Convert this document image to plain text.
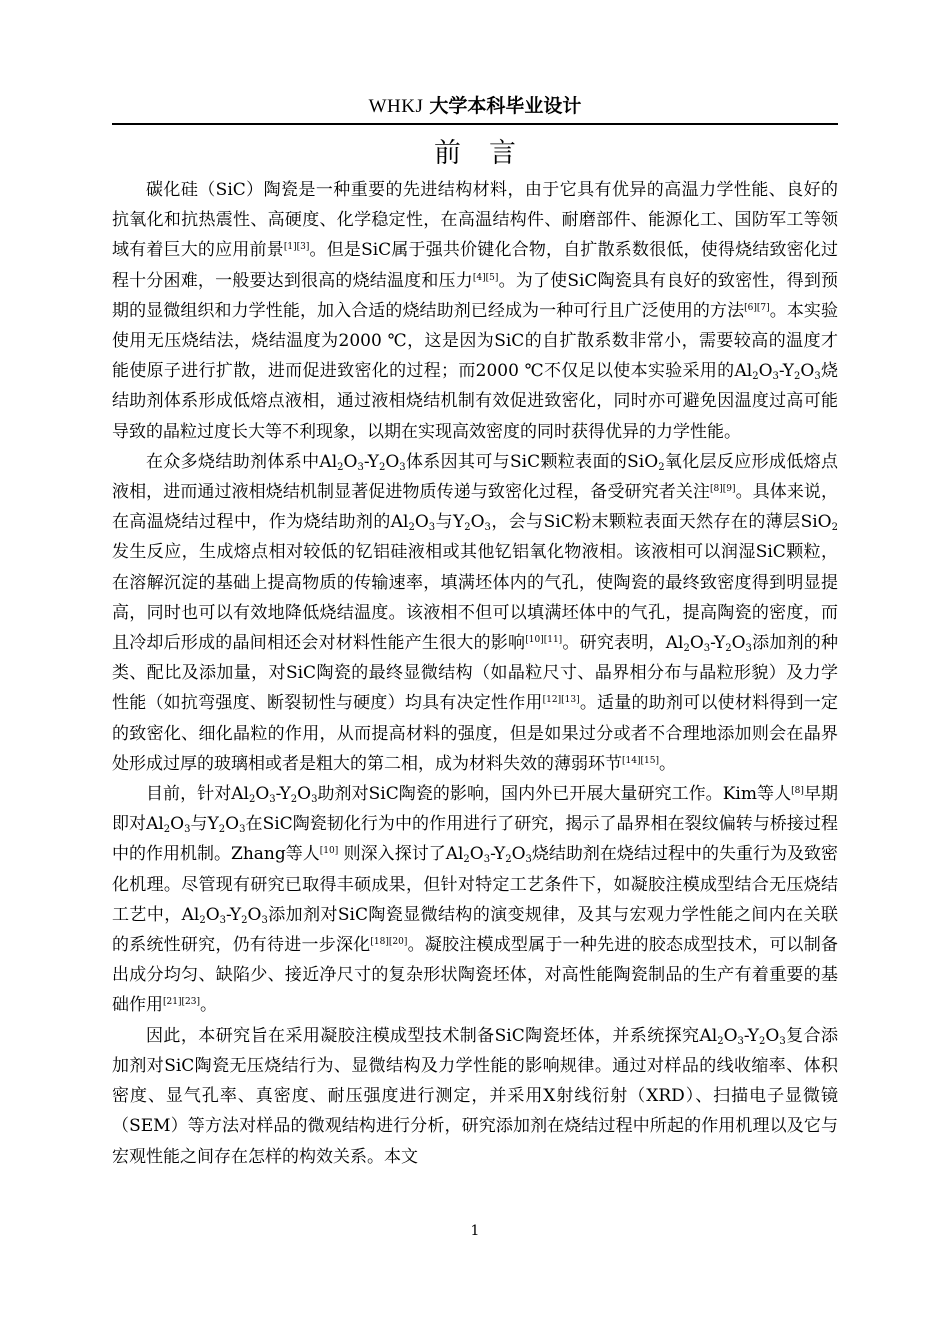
WHKJ 大学本科毕业设计
前言

碳化硅（SiC）陶瓷是一种重要的先进结构材料，由于它具有优异的高温力学性能、良好的抗氧化和抗热震性、高硬度、化学稳定性，在高温结构件、耐磨部件、能源化工、国防军工等领域有着巨大的应用前景[1][3]。但是SiC属于强共价键化合物，自扩散系数很低，使得烧结致密化过程十分困难，一般要达到很高的烧结温度和压力[4][5]。为了使SiC陶瓷具有良好的致密性，得到预期的显微组织和力学性能，加入合适的烧结助剂已经成为一种可行且广泛使用的方法[6][7]。本实验使用无压烧结法，烧结温度为2000 ℃，这是因为SiC的自扩散系数非常小，需要较高的温度才能使原子进行扩散，进而促进致密化的过程；而2000 ℃不仅足以使本实验采用的$Al_2O_3-Y_2O_3$烧结助剂体系形成低熔点液相，通过液相烧结机制有效促进致密化，同时亦可避免因温度过高可能导致的晶粒过度长大等不利现象，以期在实现高效密度的同时获得优异的力学性能。

在众多烧结助剂体系中$Al_2O_3-Y_2O_3$体系因其可与SiC颗粒表面的SiO$_2$氧化层反应形成低熔点液相，进而通过液相烧结机制显著促进物质传递与致密化过程，备受研究者关注[8][9]。具体来说，在高温烧结过程中，作为烧结助剂的$Al_2O_3$与$Y_2O_3$，会与SiC粉末颗粒表面天然存在的薄层SiO$_2$发生反应，生成熔点相对较低的钇铝硅液相或其他钇铝氧化物液相。该液相可以润湿SiC颗粒，在溶解沉淀的基础上提高物质的传输速率，填满坯体内的气孔，使陶瓷的最终致密度得到明显提高，同时也可以有效地降低烧结温度。该液相不但可以填满坯体中的气孔，提高陶瓷的密度，而且冷却后形成的晶间相还会对材料性能产生很大的影响[10][11]。研究表明，$Al_2O_3-Y_2O_3$添加剂的种类、配比及添加量，对SiC陶瓷的最终显微结构（如晶粒尺寸、晶界相分布与晶粒形貌）及力学性能（如抗弯强度、断裂韧性与硬度）均具有决定性作用[12][13]。适量的助剂可以使材料得到一定的致密化、细化晶粒的作用，从而提高材料的强度，但是如果过分或者不合理地添加则会在晶界处形成过厚的玻璃相或者是粗大的第二相，成为材料失效的薄弱环节[14][15]。

目前，针对$Al_2O_3-Y_2O_3$助剂对SiC陶瓷的影响，国内外已开展大量研究工作。Kim等人[8]早期即对$Al_2O_3$与$Y_2O_3$在SiC陶瓷韧化行为中的作用进行了研究，揭示了晶界相在裂纹偏转与桥接过程中的作用机制。Zhang等人[10] 则深入探讨了$Al_2O_3-Y_2O_3$烧结助剂在烧结过程中的失重行为及致密化机理。尽管现有研究已取得丰硕成果，但针对特定工艺条件下，如凝胶注模成型结合无压烧结工艺中，$Al_2O_3-Y_2O_3$添加剂对SiC陶瓷显微结构的演变规律，及其与宏观力学性能之间内在关联的系统性研究，仍有待进一步深化[18][20]。凝胶注模成型属于一种先进的胶态成型技术，可以制备出成分均匀、缺陷少、接近净尺寸的复杂形状陶瓷坯体，对高性能陶瓷制品的生产有着重要的基础作用[21][23]。

因此，本研究旨在采用凝胶注模成型技术制备SiC陶瓷坯体，并系统探究$Al_2O_3-Y_2O_3$复合添加剂对SiC陶瓷无压烧结行为、显微结构及力学性能的影响规律。通过对样品的线收缩率、体积密度、显气孔率、真密度、耐压强度进行测定，并采用X射线衍射（XRD）、扫描电子显微镜（SEM）等方法对样品的微观结构进行分析，研究添加剂在烧结过程中所起的作用机理以及它与宏观性能之间存在怎样的构效关系。本文

1
